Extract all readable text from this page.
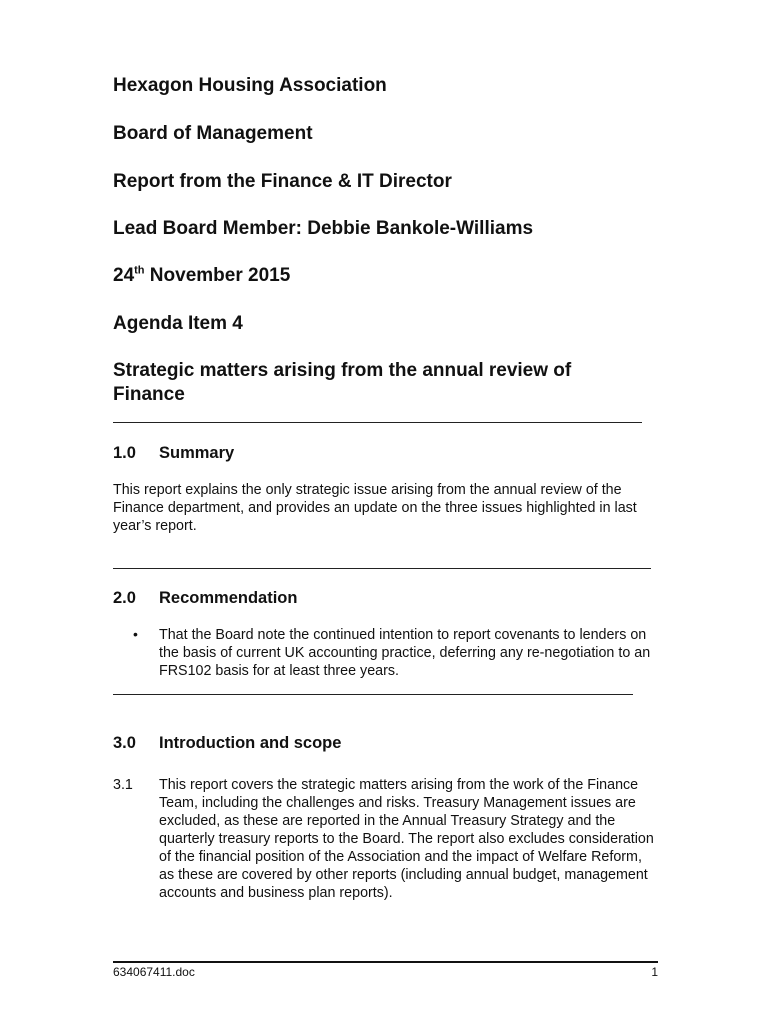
Hexagon Housing Association
Board of Management
Report from the Finance & IT Director
Lead Board Member: Debbie Bankole-Williams
24th November 2015
Agenda Item 4
Strategic matters arising from the annual review of
Finance
1.0 Summary
This report explains the only strategic issue arising from the annual review of the Finance department, and provides an update on the three issues highlighted in last year’s report.
2.0 Recommendation
• That the Board note the continued intention to report covenants to lenders on the basis of current UK accounting practice, deferring any re-negotiation to an FRS102 basis for at least three years.
3.0 Introduction and scope
3.1 This report covers the strategic matters arising from the work of the Finance Team, including the challenges and risks. Treasury Management issues are excluded, as these are reported in the Annual Treasury Strategy and the quarterly treasury reports to the Board. The report also excludes consideration of the financial position of the Association and the impact of Welfare Reform, as these are covered by other reports (including annual budget, management accounts and business plan reports).
634067411.doc	1
